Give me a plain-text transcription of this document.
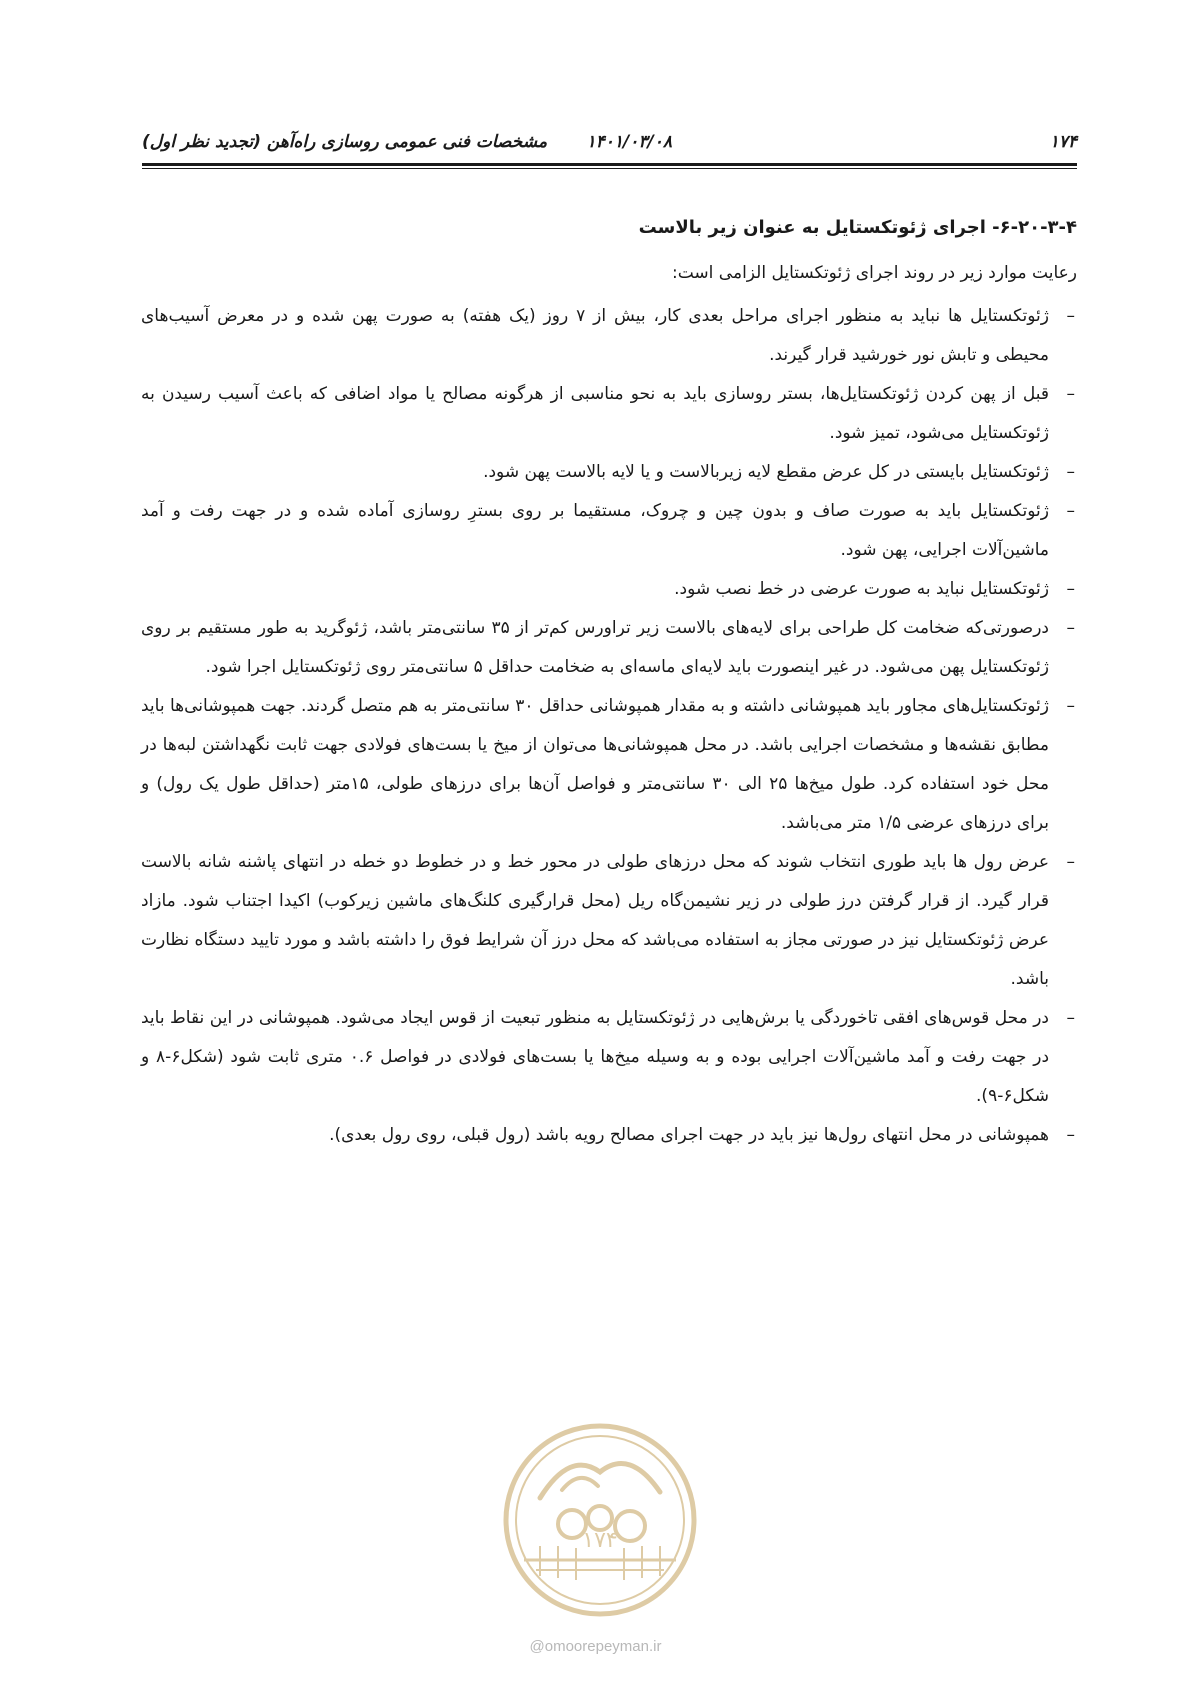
۱۷۴
۱۴۰۱/۰۳/۰۸
مشخصات فنی عمومی روسازی راه‌آهن (تجدید نظر اول)
۶-۲۰-۳-۴- اجرای ژئوتکستایل به عنوان زیر بالاست

رعایت موارد زیر در روند اجرای ژئوتکستایل الزامی است:

–
ژئوتکستایل ها نباید به منظور اجرای مراحل بعدی کار، بیش از ۷ روز (یک هفته) به صورت پهن شده و در معرض آسیب‌های محیطی و تابش نور خورشید قرار گیرند.
–
قبل از پهن کردن ژئوتکستایل‌ها، بستر روسازی باید به نحو مناسبی از هرگونه مصالح یا مواد اضافی که باعث آسیب رسیدن به ژئوتکستایل می‌شود، تمیز شود.
–
ژئوتکستایل بایستی در کل عرض مقطع لایه زیربالاست و یا لایه بالاست پهن شود.
–
ژئوتکستایل باید به صورت صاف و بدون چین و چروک، مستقیما بر روی بسترِ روسازی آماده شده و در جهت رفت و آمد ماشین‌آلات اجرایی، پهن شود.
–
ژئوتکستایل نباید به صورت عرضی در خط نصب شود.
–
درصورتی‌که ضخامت کل طراحی برای لایه‌های بالاست زیر تراورس کم‌تر از ۳۵ سانتی‌متر باشد، ژئوگرید به طور مستقیم بر روی ژئوتکستایل پهن می‌شود. در غیر اینصورت باید لایه‌ای ماسه‌ای به ضخامت حداقل ۵ سانتی‌متر روی ژئوتکستایل اجرا شود.
–
ژئوتکستایل‌های مجاور باید همپوشانی داشته و به مقدار همپوشانی حداقل ۳۰ سانتی‌متر به هم متصل گردند. جهت همپوشانی‌ها باید مطابق نقشه‌ها و مشخصات اجرایی باشد. در محل همپوشانی‌ها می‌توان از میخ یا بست‌های فولادی جهت ثابت نگهداشتن لبه‌ها در محل خود استفاده کرد. طول میخ‌ها ۲۵ الی ۳۰ سانتی‌متر و فواصل آن‌ها برای درزهای طولی، ۱۵متر (حداقل طول یک رول) و برای درزهای عرضی ۱/۵ متر می‌باشد.
–
عرض رول ها باید طوری انتخاب شوند که محل درزهای طولی در محور خط و در خطوط دو خطه در انتهای پاشنه شانه بالاست قرار گیرد. از قرار گرفتن درز طولی در زیر نشیمن‌گاه ریل (محل قرارگیری کلنگ‌های ماشین زیرکوب) اکیدا اجتناب شود. مازاد عرض ژئوتکستایل نیز در صورتی مجاز به استفاده می‌باشد که محل درز آن شرایط فوق را داشته باشد و مورد تایید دستگاه نظارت باشد.
–
در محل قوس‌های افقی تاخوردگی یا برش‌هایی در ژئوتکستایل به منظور تبعیت از قوس ایجاد می‌شود. همپوشانی در این نقاط باید در جهت رفت و آمد ماشین‌آلات اجرایی بوده و به وسیله میخ‌ها یا بست‌های فولادی در فواصل ۰.۶ متری ثابت شود (شکل۶-۸ و شکل۶-۹).
–
همپوشانی در محل انتهای رول‌ها نیز باید در جهت اجرای مصالح رویه باشد (رول قبلی، روی رول بعدی).
۱۷۴
@omoorepeyman.ir
